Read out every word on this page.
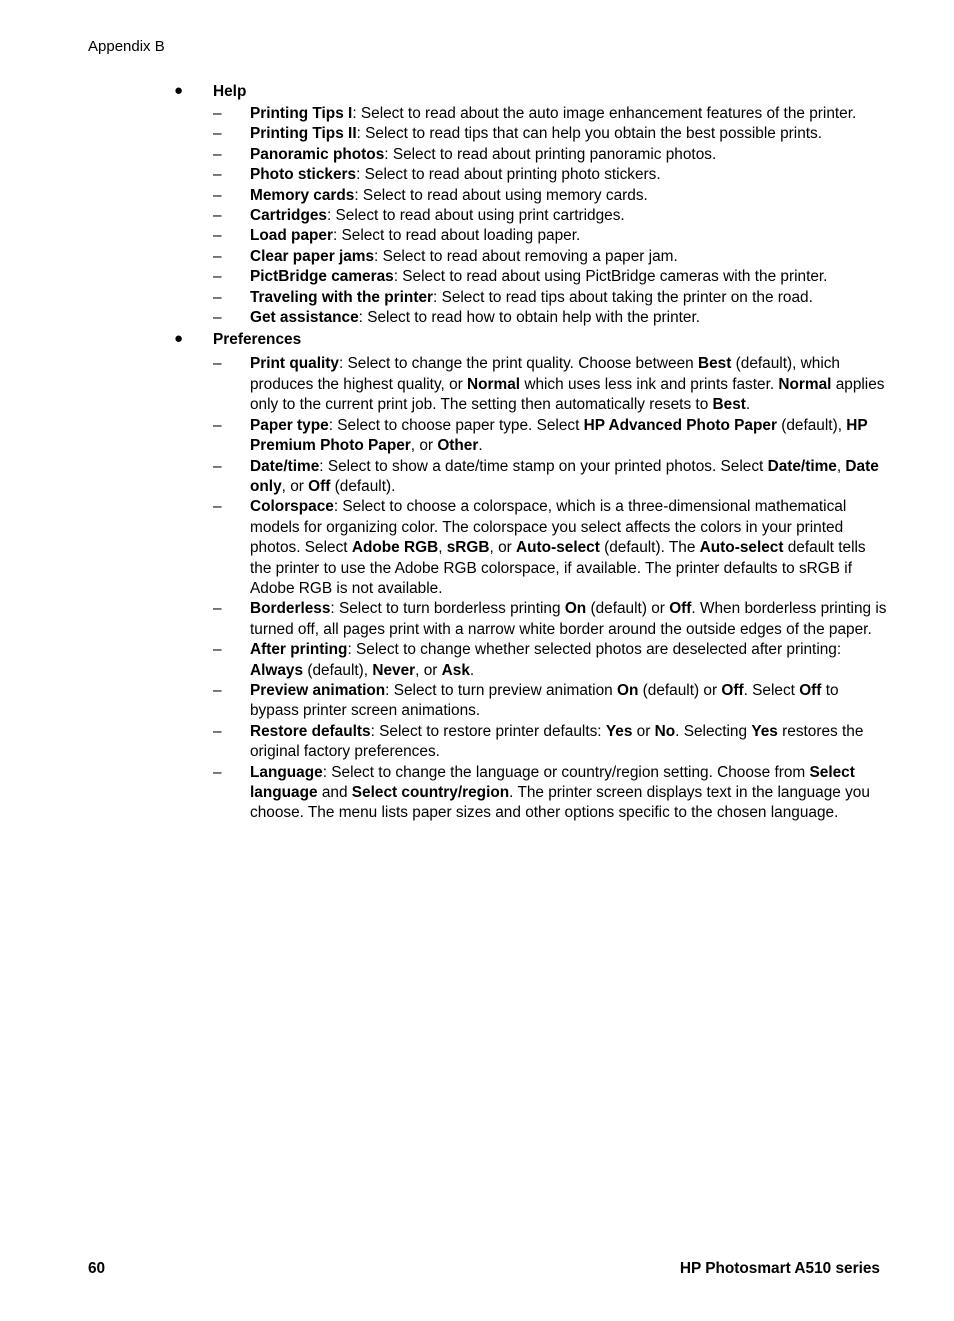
Appendix B
● Help
– Printing Tips I: Select to read about the auto image enhancement features of the printer.
– Printing Tips II: Select to read tips that can help you obtain the best possible prints.
– Panoramic photos: Select to read about printing panoramic photos.
– Photo stickers: Select to read about printing photo stickers.
– Memory cards: Select to read about using memory cards.
– Cartridges: Select to read about using print cartridges.
– Load paper: Select to read about loading paper.
– Clear paper jams: Select to read about removing a paper jam.
– PictBridge cameras: Select to read about using PictBridge cameras with the printer.
– Traveling with the printer: Select to read tips about taking the printer on the road.
– Get assistance: Select to read how to obtain help with the printer.
● Preferences
– Print quality: Select to change the print quality. Choose between Best (default), which produces the highest quality, or Normal which uses less ink and prints faster. Normal applies only to the current print job. The setting then automatically resets to Best.
– Paper type: Select to choose paper type. Select HP Advanced Photo Paper (default), HP Premium Photo Paper, or Other.
– Date/time: Select to show a date/time stamp on your printed photos. Select Date/time, Date only, or Off (default).
– Colorspace: Select to choose a colorspace, which is a three-dimensional mathematical models for organizing color. The colorspace you select affects the colors in your printed photos. Select Adobe RGB, sRGB, or Auto-select (default). The Auto-select default tells the printer to use the Adobe RGB colorspace, if available. The printer defaults to sRGB if Adobe RGB is not available.
– Borderless: Select to turn borderless printing On (default) or Off. When borderless printing is turned off, all pages print with a narrow white border around the outside edges of the paper.
– After printing: Select to change whether selected photos are deselected after printing: Always (default), Never, or Ask.
– Preview animation: Select to turn preview animation On (default) or Off. Select Off to bypass printer screen animations.
– Restore defaults: Select to restore printer defaults: Yes or No. Selecting Yes restores the original factory preferences.
– Language: Select to change the language or country/region setting. Choose from Select language and Select country/region. The printer screen displays text in the language you choose. The menu lists paper sizes and other options specific to the chosen language.
60	HP Photosmart A510 series
